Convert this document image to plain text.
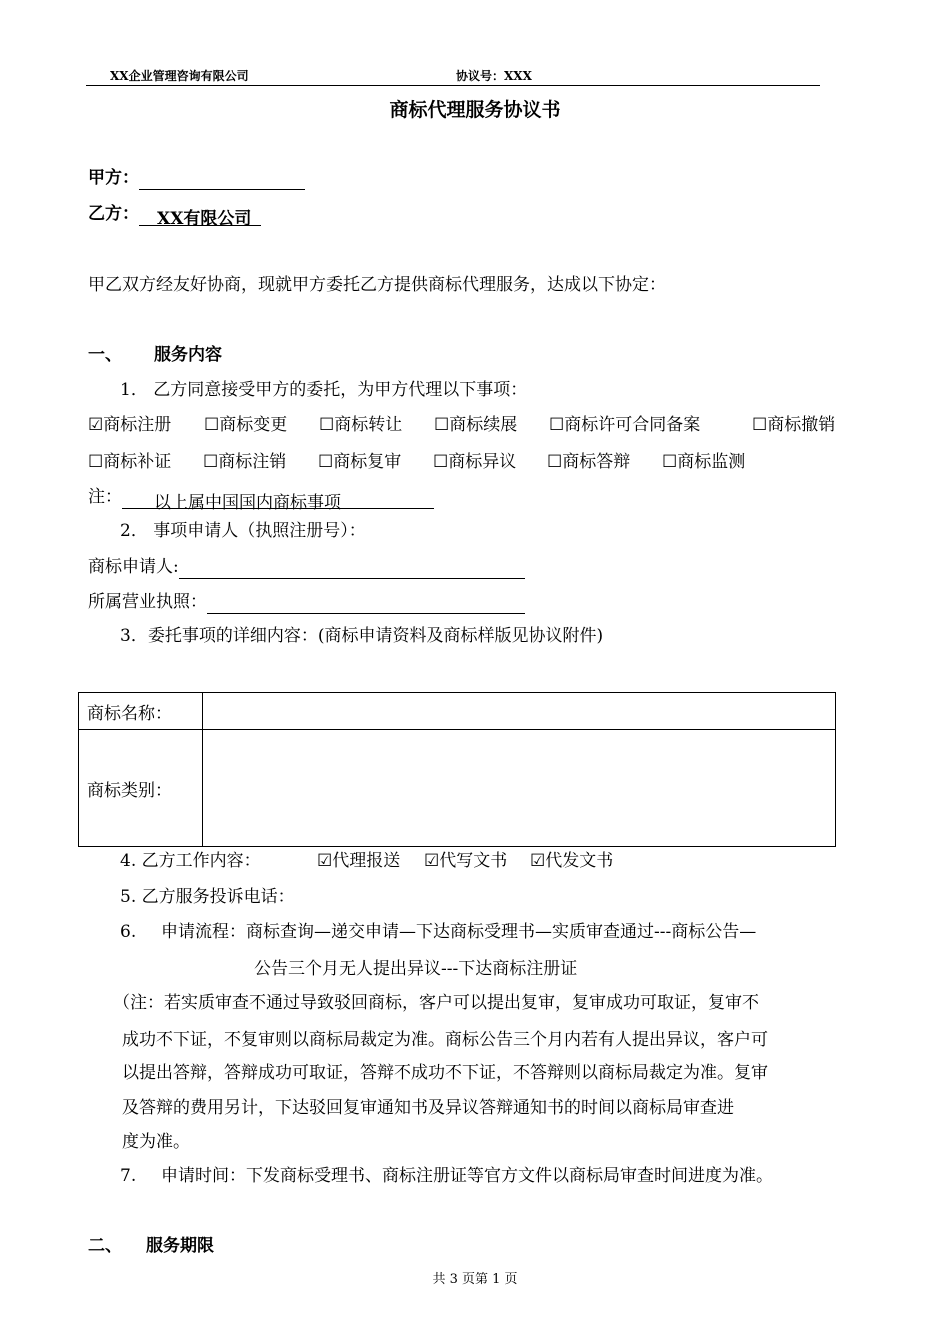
XX企业管理咨询有限公司	协议号：XXX
商标代理服务协议书
甲方：
乙方： XX有限公司
甲乙双方经友好协商，现就甲方委托乙方提供商标代理服务，达成以下协定：
一、 服务内容
1． 乙方同意接受甲方的委托，为甲方代理以下事项：
☑商标注册 ☐商标变更 ☐商标转让 ☐商标续展 ☐商标许可合同备案	☐商标撤销
☐商标补证 ☐商标注销 ☐商标复审 ☐商标异议 ☐商标答辩 ☐商标监测
注： 以上属中国国内商标事项
2． 事项申请人（执照注册号）：
商标申请人:
所属营业执照：
3．委托事项的详细内容：(商标申请资料及商标样版见协议附件)
商标名称：	
商标类别：	
4. 乙方工作内容：	☑代理报送 ☑代写文书 ☑代发文书
5. 乙方服务投诉电话：
6. 申请流程：商标查询—递交申请—下达商标受理书—实质审查通过---商标公告—
公告三个月无人提出异议---下达商标注册证
（注：若实质审查不通过导致驳回商标，客户可以提出复审，复审成功可取证，复审不
成功不下证，不复审则以商标局裁定为准。商标公告三个月内若有人提出异议，客户可
以提出答辩，答辩成功可取证，答辩不成功不下证，不答辩则以商标局裁定为准。复审
及答辩的费用另计，下达驳回复审通知书及异议答辩通知书的时间以商标局审查进
度为准。
7. 申请时间：下发商标受理书、商标注册证等官方文件以商标局审查时间进度为准。
二、 服务期限
共 3 页第 1 页
